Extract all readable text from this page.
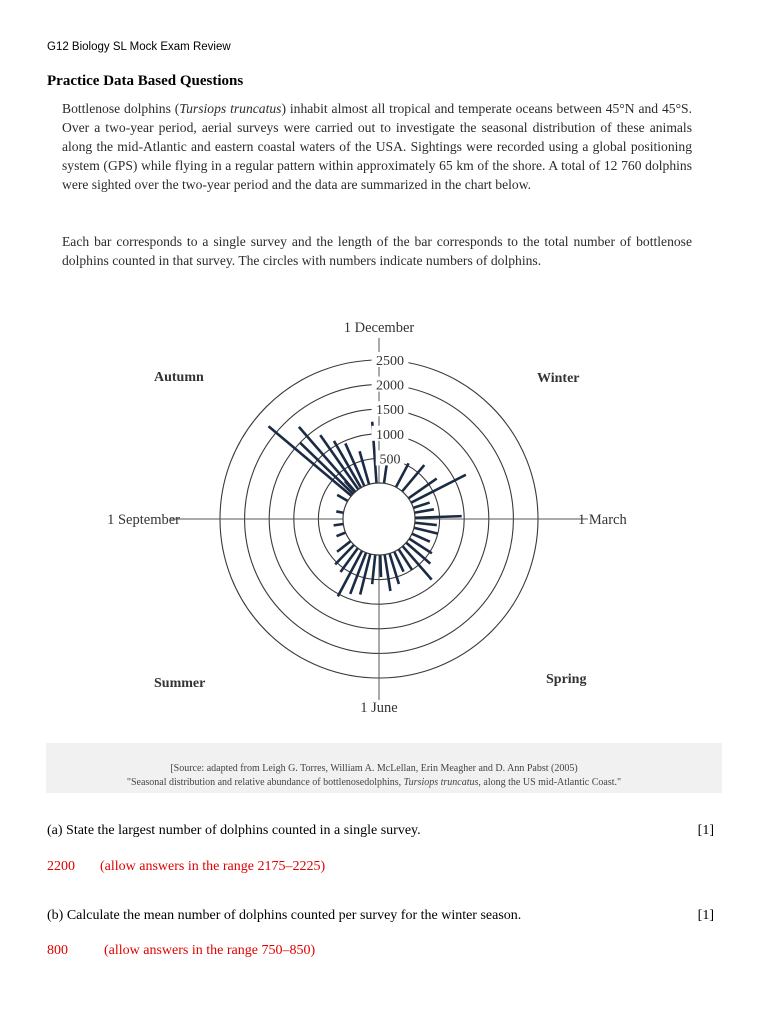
G12 Biology SL Mock Exam Review
Practice Data Based Questions
Bottlenose dolphins (Tursiops truncatus) inhabit almost all tropical and temperate oceans between 45°N and 45°S. Over a two-year period, aerial surveys were carried out to investigate the seasonal distribution of these animals along the mid-Atlantic and eastern coastal waters of the USA. Sightings were recorded using a global positioning system (GPS) while flying in a regular pattern within approximately 65 km of the shore. A total of 12 760 dolphins were sighted over the two-year period and the data are summarized in the chart below.
Each bar corresponds to a single survey and the length of the bar corresponds to the total number of bottlenose dolphins counted in that survey. The circles with numbers indicate numbers of dolphins.
500
1000
1500
2000
2500
1 December
1 March
1 June
1 September
Autumn	Winter
Spring
Summer
[Source: adapted from Leigh G. Torres, William A. McLellan, Erin Meagher and D. Ann Pabst (2005)
"Seasonal distribution and relative abundance of bottlenosedolphins, Tursiops truncatus, along the US mid-Atlantic Coast."
(a) State the largest number of dolphins counted in a single survey.	[1]
2200 (allow answers in the range 2175–2225)
(b) Calculate the mean number of dolphins counted per survey for the winter season.	[1]
800	(allow answers in the range 750–850)
